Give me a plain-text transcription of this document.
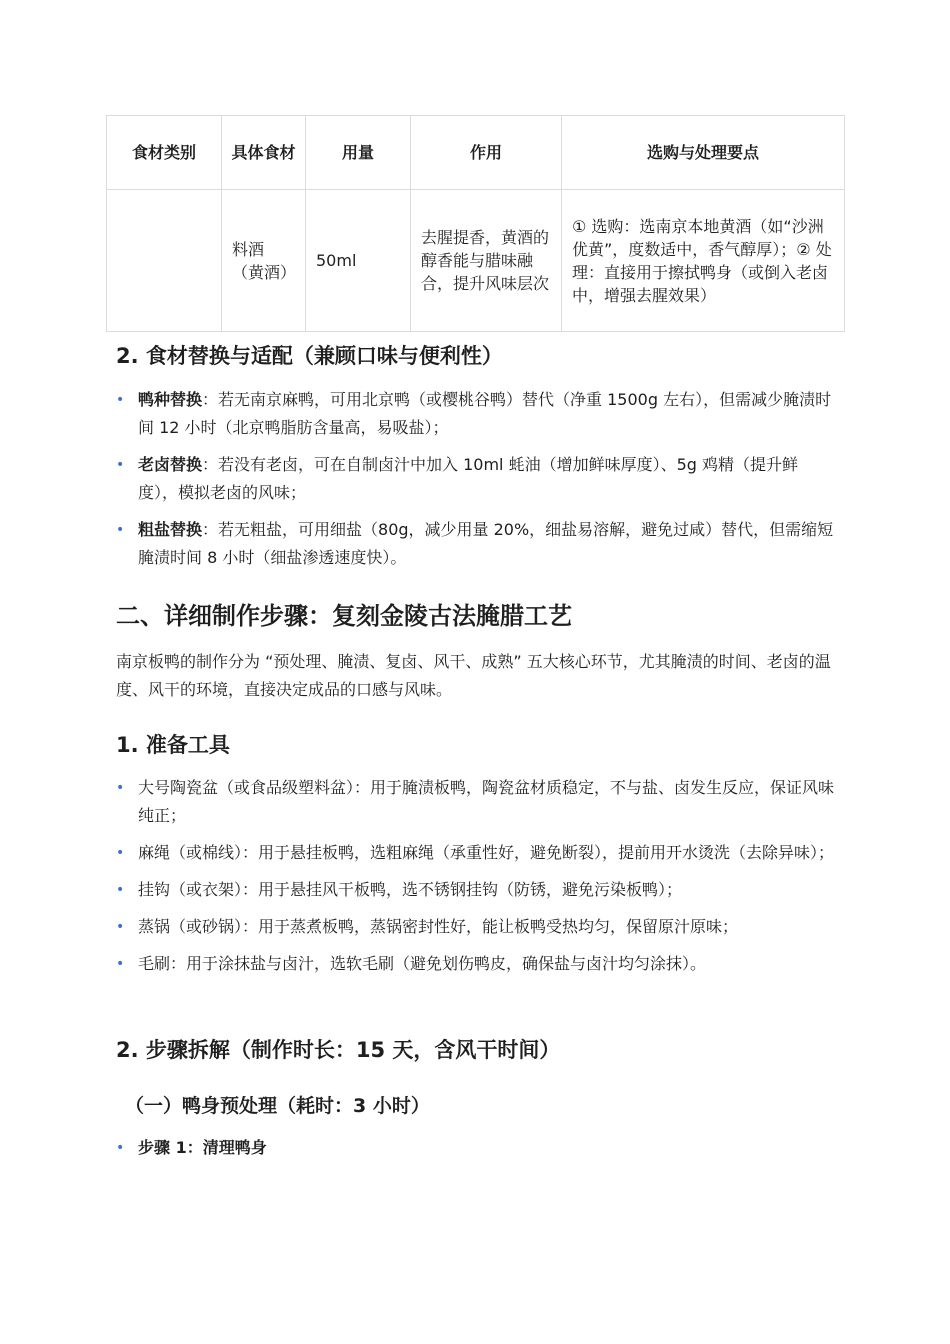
食材类别	具体食材	用量	作用	选购与处理要点
	料酒（黄酒）	50ml	去腥提香，黄酒的醇香能与腊味融合，提升风味层次	① 选购：选南京本地黄酒（如“沙洲优黄”，度数适中，香气醇厚）；② 处理：直接用于擦拭鸭身（或倒入老卤中，增强去腥效果）
2. 食材替换与适配（兼顾口味与便利性）
• 鸭种替换：若无南京麻鸭，可用北京鸭（或樱桃谷鸭）替代（净重 1500g 左右），但需减少腌渍时间 12 小时（北京鸭脂肪含量高，易吸盐）；
• 老卤替换：若没有老卤，可在自制卤汁中加入 10ml 蚝油（增加鲜味厚度）、5g 鸡精（提升鲜度），模拟老卤的风味；
• 粗盐替换：若无粗盐，可用细盐（80g，减少用量 20%，细盐易溶解，避免过咸）替代，但需缩短腌渍时间 8 小时（细盐渗透速度快）。
二、详细制作步骤：复刻金陵古法腌腊工艺

南京板鸭的制作分为 “预处理、腌渍、复卤、风干、成熟” 五大核心环节，尤其腌渍的时间、老卤的温度、风干的环境，直接决定成品的口感与风味。

1. 准备工具
• 大号陶瓷盆（或食品级塑料盆）：用于腌渍板鸭，陶瓷盆材质稳定，不与盐、卤发生反应，保证风味纯正；
• 麻绳（或棉线）：用于悬挂板鸭，选粗麻绳（承重性好，避免断裂），提前用开水烫洗（去除异味）；
• 挂钩（或衣架）：用于悬挂风干板鸭，选不锈钢挂钩（防锈，避免污染板鸭）；
• 蒸锅（或砂锅）：用于蒸煮板鸭，蒸锅密封性好，能让板鸭受热均匀，保留原汁原味；
• 毛刷：用于涂抹盐与卤汁，选软毛刷（避免划伤鸭皮，确保盐与卤汁均匀涂抹）。
2. 步骤拆解（制作时长：15 天，含风干时间）
（一）鸭身预处理（耗时：3 小时）
• 步骤 1：清理鸭身
